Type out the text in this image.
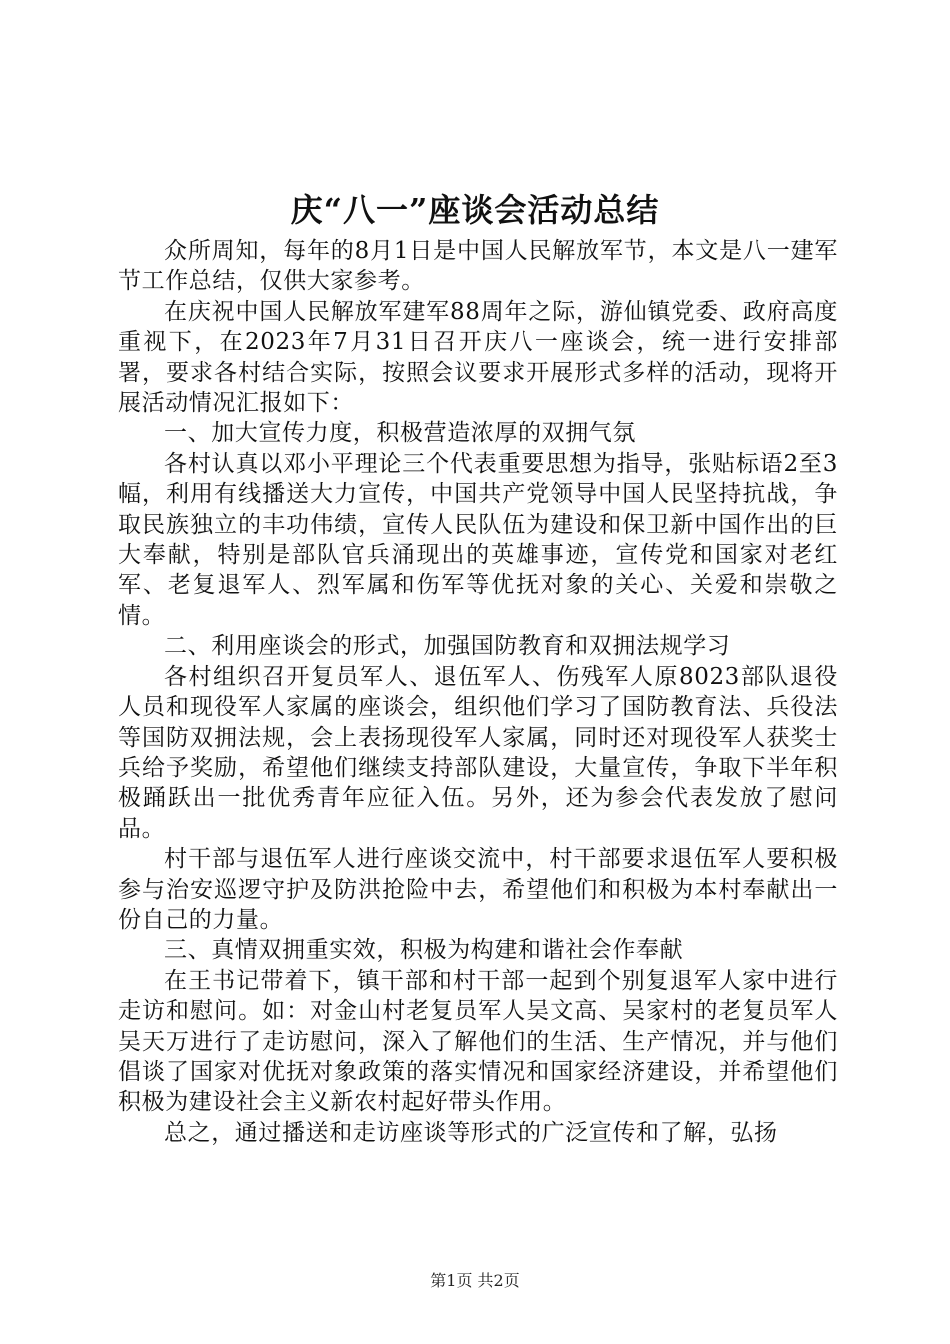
庆“八一”座谈会活动总结

众所周知，每年的8月1日是中国人民解放军节，本文是八一建军节工作总结，仅供大家参考。

在庆祝中国人民解放军建军88周年之际，游仙镇党委、政府高度重视下，在2023年7月31日召开庆八一座谈会，统一进行安排部署，要求各村结合实际，按照会议要求开展形式多样的活动，现将开展活动情况汇报如下：

一、加大宣传力度，积极营造浓厚的双拥气氛

各村认真以邓小平理论三个代表重要思想为指导，张贴标语2至3幅，利用有线播送大力宣传，中国共产党领导中国人民坚持抗战，争取民族独立的丰功伟绩，宣传人民队伍为建设和保卫新中国作出的巨大奉献，特别是部队官兵涌现出的英雄事迹，宣传党和国家对老红军、老复退军人、烈军属和伤军等优抚对象的关心、关爱和崇敬之情。

二、利用座谈会的形式，加强国防教育和双拥法规学习

各村组织召开复员军人、退伍军人、伤残军人原8023部队退役人员和现役军人家属的座谈会，组织他们学习了国防教育法、兵役法等国防双拥法规，会上表扬现役军人家属，同时还对现役军人获奖士兵给予奖励，希望他们继续支持部队建设，大量宣传，争取下半年积极踊跃出一批优秀青年应征入伍。另外，还为参会代表发放了慰问品。

村干部与退伍军人进行座谈交流中，村干部要求退伍军人要积极参与治安巡逻守护及防洪抢险中去，希望他们和积极为本村奉献出一份自己的力量。

三、真情双拥重实效，积极为构建和谐社会作奉献

在王书记带着下，镇干部和村干部一起到个别复退军人家中进行走访和慰问。如：对金山村老复员军人吴文高、吴家村的老复员军人吴天万进行了走访慰问，深入了解他们的生活、生产情况，并与他们倡谈了国家对优抚对象政策的落实情况和国家经济建设，并希望他们积极为建设社会主义新农村起好带头作用。

总之，通过播送和走访座谈等形式的广泛宣传和了解，弘扬

第1页 共2页
